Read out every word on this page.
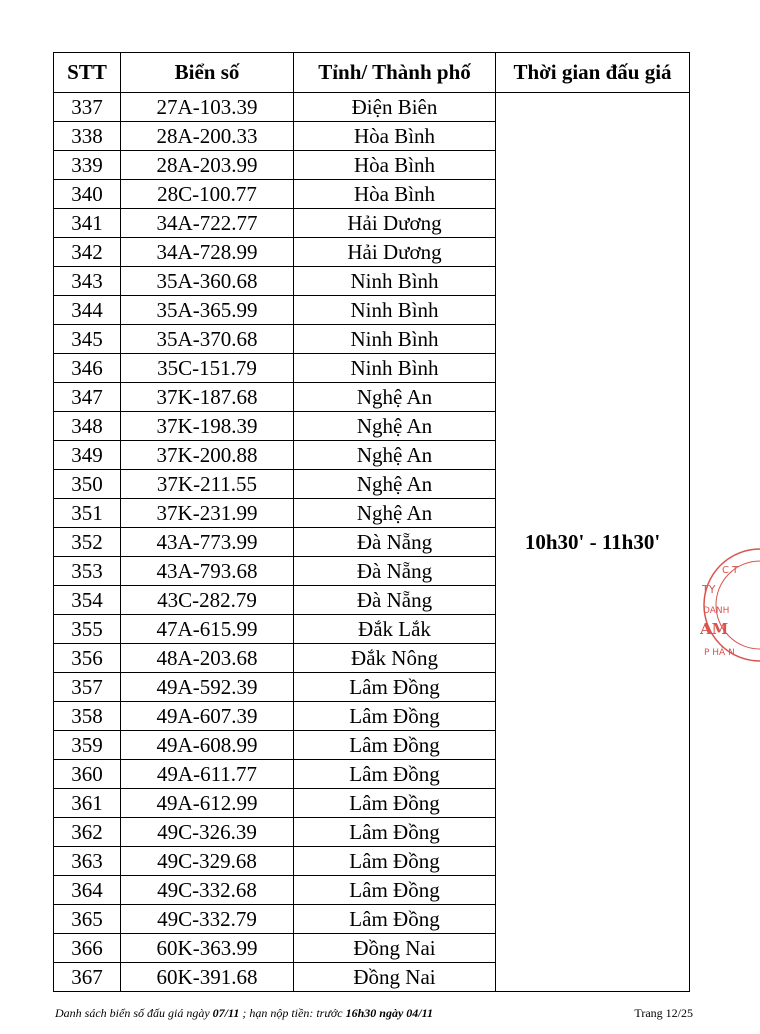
STT	Biển số	Tỉnh/ Thành phố	Thời gian đấu giá
337	27A-103.39	Điện Biên	10h30' - 11h30'
338	28A-200.33	Hòa Bình	
339	28A-203.99	Hòa Bình	
340	28C-100.77	Hòa Bình	
341	34A-722.77	Hải Dương	
342	34A-728.99	Hải Dương	
343	35A-360.68	Ninh Bình	
344	35A-365.99	Ninh Bình	
345	35A-370.68	Ninh Bình	
346	35C-151.79	Ninh Bình	
347	37K-187.68	Nghệ An	
348	37K-198.39	Nghệ An	
349	37K-200.88	Nghệ An	
350	37K-211.55	Nghệ An	
351	37K-231.99	Nghệ An	
352	43A-773.99	Đà Nẵng	
353	43A-793.68	Đà Nẵng	
354	43C-282.79	Đà Nẵng	
355	47A-615.99	Đắk Lắk	
356	48A-203.68	Đắk Nông	
357	49A-592.39	Lâm Đồng	
358	49A-607.39	Lâm Đồng	
359	49A-608.99	Lâm Đồng	
360	49A-611.77	Lâm Đồng	
361	49A-612.99	Lâm Đồng	
362	49C-326.39	Lâm Đồng	
363	49C-329.68	Lâm Đồng	
364	49C-332.68	Lâm Đồng	
365	49C-332.79	Lâm Đồng	
366	60K-363.99	Đồng Nai	
367	60K-391.68	Đồng Nai	
Danh sách biển số đấu giá ngày 07/11 ; hạn nộp tiền: trước 16h30 ngày 04/11	Trang 12/25
C.T
TY
DANH
AM
P HÀ N
